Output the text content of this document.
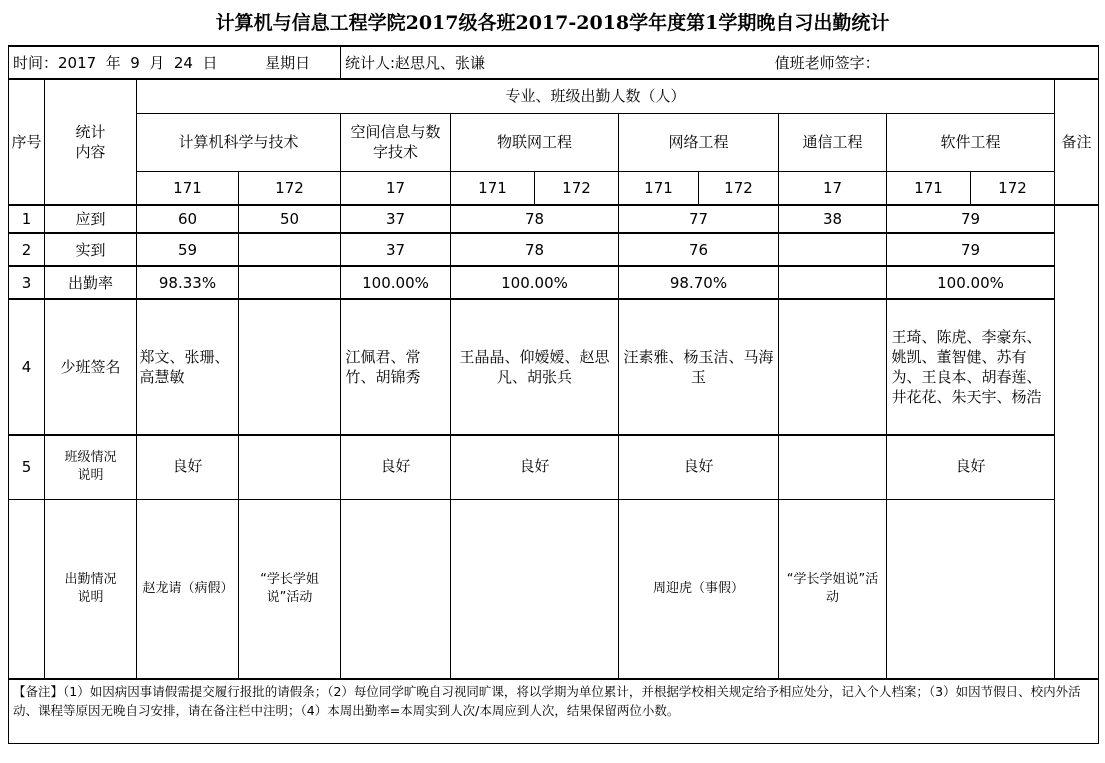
计算机与信息工程学院2017级各班2017-2018学年度第1学期晚自习出勤统计
时间：2017  年  9  月  24  日 星期日				统计人:赵思凡、张谦 值班老师签字：								
序号	统计内容	专业、班级出勤人数（人）										备注
		计算机科学与技术		空间信息与数字技术	物联网工程		网络工程		通信工程	软件工程		
		171	172	17	171	172	171	172	17	171	172	
1	应到	60	50	37	78		77		38	79		
2	实到	59		37	78		76			79		
3	出勤率	98.33%		100.00%	100.00%		98.70%			100.00%		
4	少班签名	郑文、张珊、高慧敏		江佩君、常竹、胡锦秀	王晶晶、仰嫒嫒、赵思凡、胡张兵		汪素雅、杨玉洁、马海玉			王琦、陈虎、李豪东、姚凯、董智健、苏有为、王良本、胡春莲、井花花、朱天宇、杨浩		

5	班级情况说明	良好		良好	良好		良好			良好		

	出勤情况说明	赵龙请（病假）	“学长学姐说”活动				周迎虎（事假）		“学长学姐说”活动			

【备注】（1）如因病因事请假需提交履行报批的请假条；（2）每位同学旷晚自习视同旷课，将以学期为单位累计，并根据学校相关规定给予相应处分，记入个人档案；（3）如因节假日、校内外活动、课程等原因无晚自习安排，请在备注栏中注明；（4）本周出勤率=本周实到人次/本周应到人次，结果保留两位小数。												
